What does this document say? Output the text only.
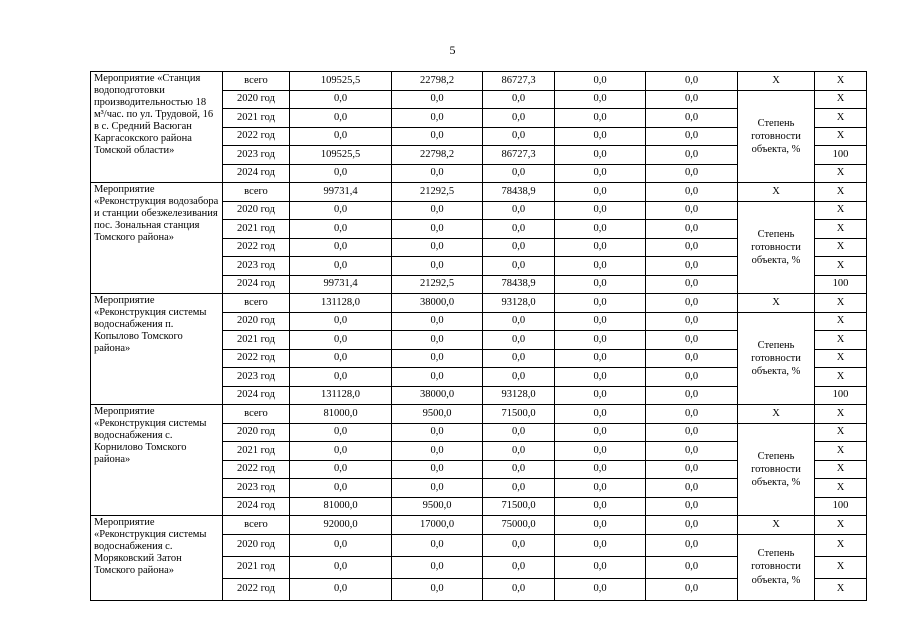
5
Мероприятие «Станция водоподготовки производительностью 18 м³/час. по ул. Трудовой, 16 в с. Средний Васюган Каргасокского района Томской области»	всего	109525,5	22798,2	86727,3	0,0	0,0	X	X
	2020 год	0,0	0,0	0,0	0,0	0,0	Степень готовности объекта, %	X
	2021 год	0,0	0,0	0,0	0,0	0,0		X
	2022 год	0,0	0,0	0,0	0,0	0,0		X
	2023 год	109525,5	22798,2	86727,3	0,0	0,0		100
	2024 год	0,0	0,0	0,0	0,0	0,0		X
Мероприятие «Реконструкция водозабора и станции обезжелезивания пос. Зональная станция Томского района»	всего	99731,4	21292,5	78438,9	0,0	0,0	X	X
	2020 год	0,0	0,0	0,0	0,0	0,0	Степень готовности объекта, %	X
	2021 год	0,0	0,0	0,0	0,0	0,0		X
	2022 год	0,0	0,0	0,0	0,0	0,0		X
	2023 год	0,0	0,0	0,0	0,0	0,0		X
	2024 год	99731,4	21292,5	78438,9	0,0	0,0		100
Мероприятие «Реконструкция системы водоснабжения п. Копылово Томского района»	всего	131128,0	38000,0	93128,0	0,0	0,0	X	X
	2020 год	0,0	0,0	0,0	0,0	0,0	Степень готовности объекта, %	X
	2021 год	0,0	0,0	0,0	0,0	0,0		X
	2022 год	0,0	0,0	0,0	0,0	0,0		X
	2023 год	0,0	0,0	0,0	0,0	0,0		X
	2024 год	131128,0	38000,0	93128,0	0,0	0,0		100
Мероприятие «Реконструкция системы водоснабжения с. Корнилово Томского района»	всего	81000,0	9500,0	71500,0	0,0	0,0	X	X
	2020 год	0,0	0,0	0,0	0,0	0,0	Степень готовности объекта, %	X
	2021 год	0,0	0,0	0,0	0,0	0,0		X
	2022 год	0,0	0,0	0,0	0,0	0,0		X
	2023 год	0,0	0,0	0,0	0,0	0,0		X
	2024 год	81000,0	9500,0	71500,0	0,0	0,0		100
Мероприятие «Реконструкция системы водоснабжения с. Моряковский Затон Томского района»	всего	92000,0	17000,0	75000,0	0,0	0,0	X	X
	2020 год	0,0	0,0	0,0	0,0	0,0	Степень готовности объекта, %	X
	2021 год	0,0	0,0	0,0	0,0	0,0		X
	2022 год	0,0	0,0	0,0	0,0	0,0		X
